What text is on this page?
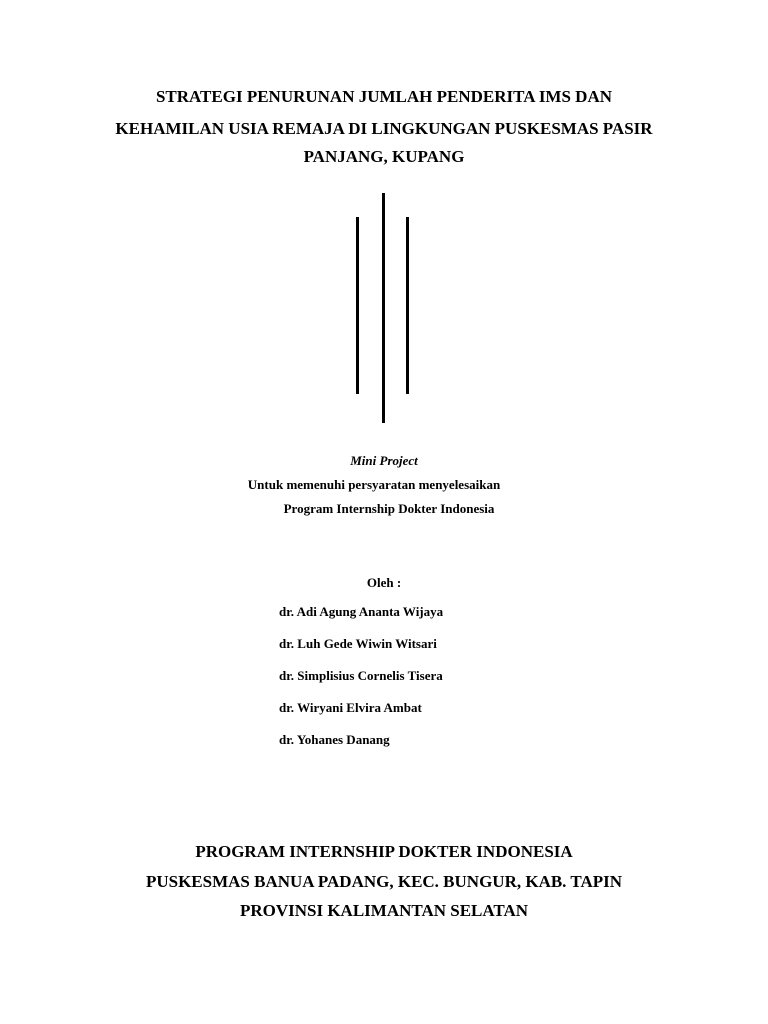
STRATEGI PENURUNAN JUMLAH PENDERITA IMS DAN
KEHAMILAN USIA REMAJA DI LINGKUNGAN PUSKESMAS PASIR
PANJANG, KUPANG
Mini Project
Untuk memenuhi persyaratan menyelesaikan
Program Internship Dokter Indonesia
Oleh :
dr. Adi Agung Ananta Wijaya
dr. Luh Gede Wiwin Witsari
dr. Simplisius Cornelis Tisera
dr. Wiryani Elvira Ambat
dr. Yohanes Danang
PROGRAM INTERNSHIP DOKTER INDONESIA
PUSKESMAS BANUA PADANG, KEC. BUNGUR, KAB. TAPIN
PROVINSI KALIMANTAN SELATAN
